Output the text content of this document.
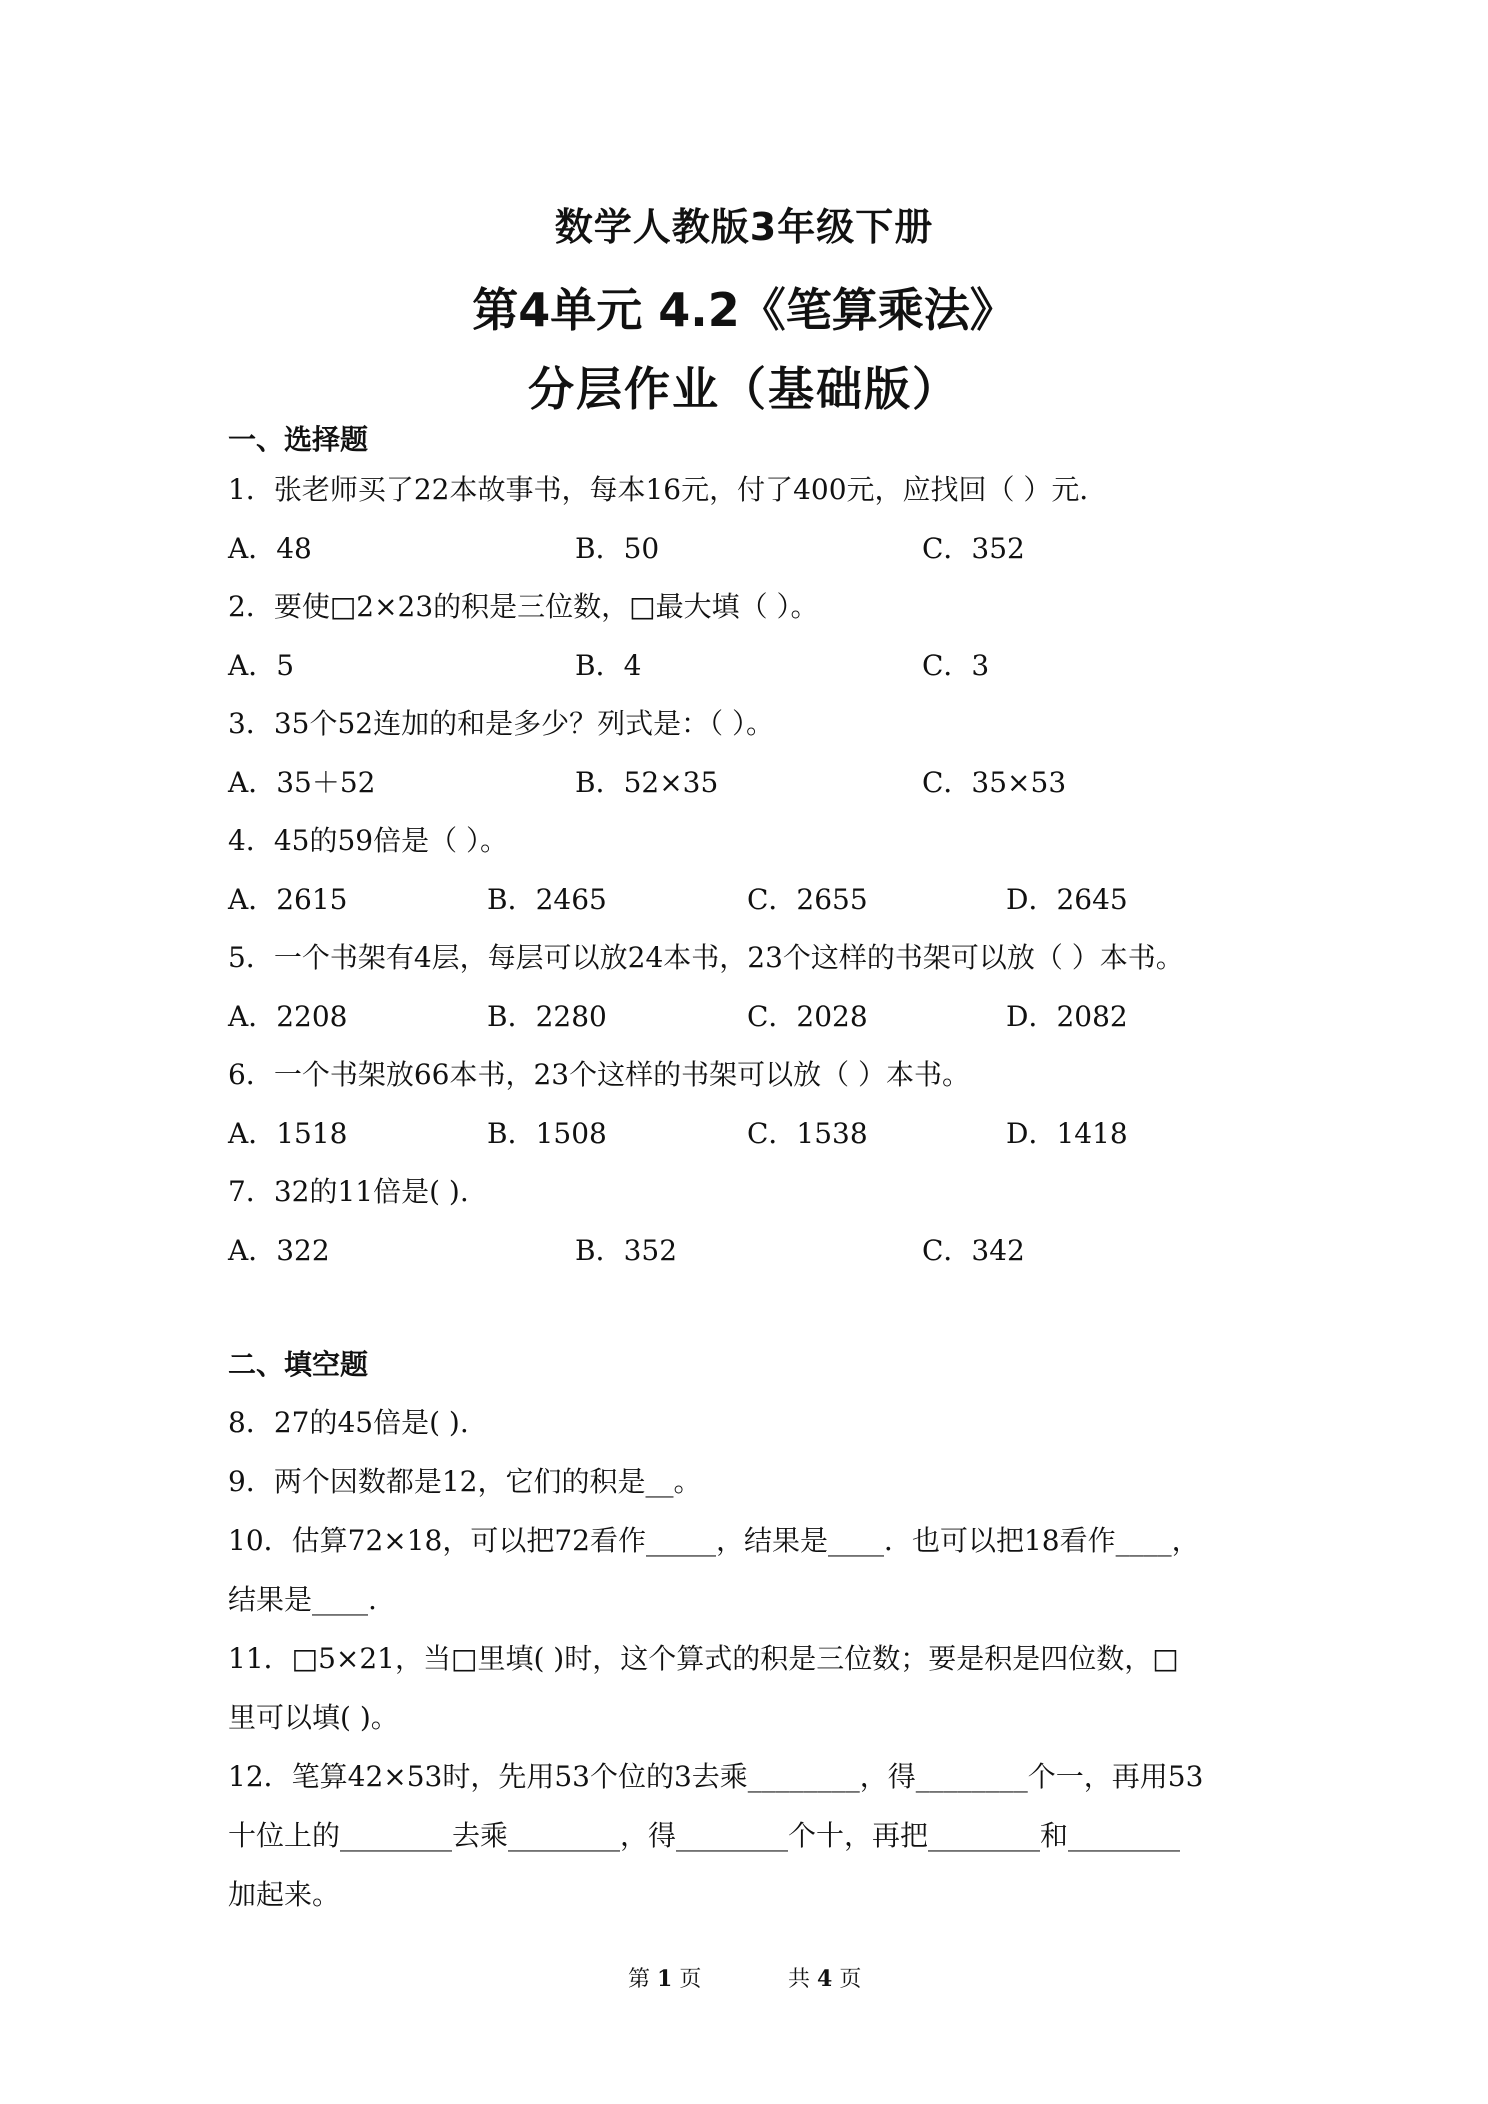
数学人教版3年级下册
第4单元 4.2《笔算乘法》
分层作业（基础版）
一、选择题
1．张老师买了22本故事书，每本16元，付了400元，应找回（ ）元．
A．48	B．50	C．352
2．要使□2×23的积是三位数，□最大填（ ）。
A．5	B．4	C．3
3．35个52连加的和是多少？列式是：（ ）。
A．35＋52	B．52×35	C．35×53
4．45的59倍是（ ）。
A．2615	B．2465	C．2655	D．2645
5．一个书架有4层，每层可以放24本书，23个这样的书架可以放（ ）本书。
A．2208	B．2280	C．2028	D．2082
6．一个书架放66本书，23个这样的书架可以放（ ）本书。
A．1518	B．1508	C．1538	D．1418
7．32的11倍是( ).
A．322	B．352	C．342
二、填空题
8．27的45倍是( ).
9．两个因数都是12，它们的积是__。
10．估算72×18，可以把72看作_____，结果是____．也可以把18看作____，
结果是____.
11．□5×21，当□里填( )时，这个算式的积是三位数；要是积是四位数，□
里可以填( )。
12．笔算42×53时，先用53个位的3去乘________，得________个一，再用53
十位上的________去乘________，得________个十，再把________和________
加起来。
第 1 页	共 4 页
